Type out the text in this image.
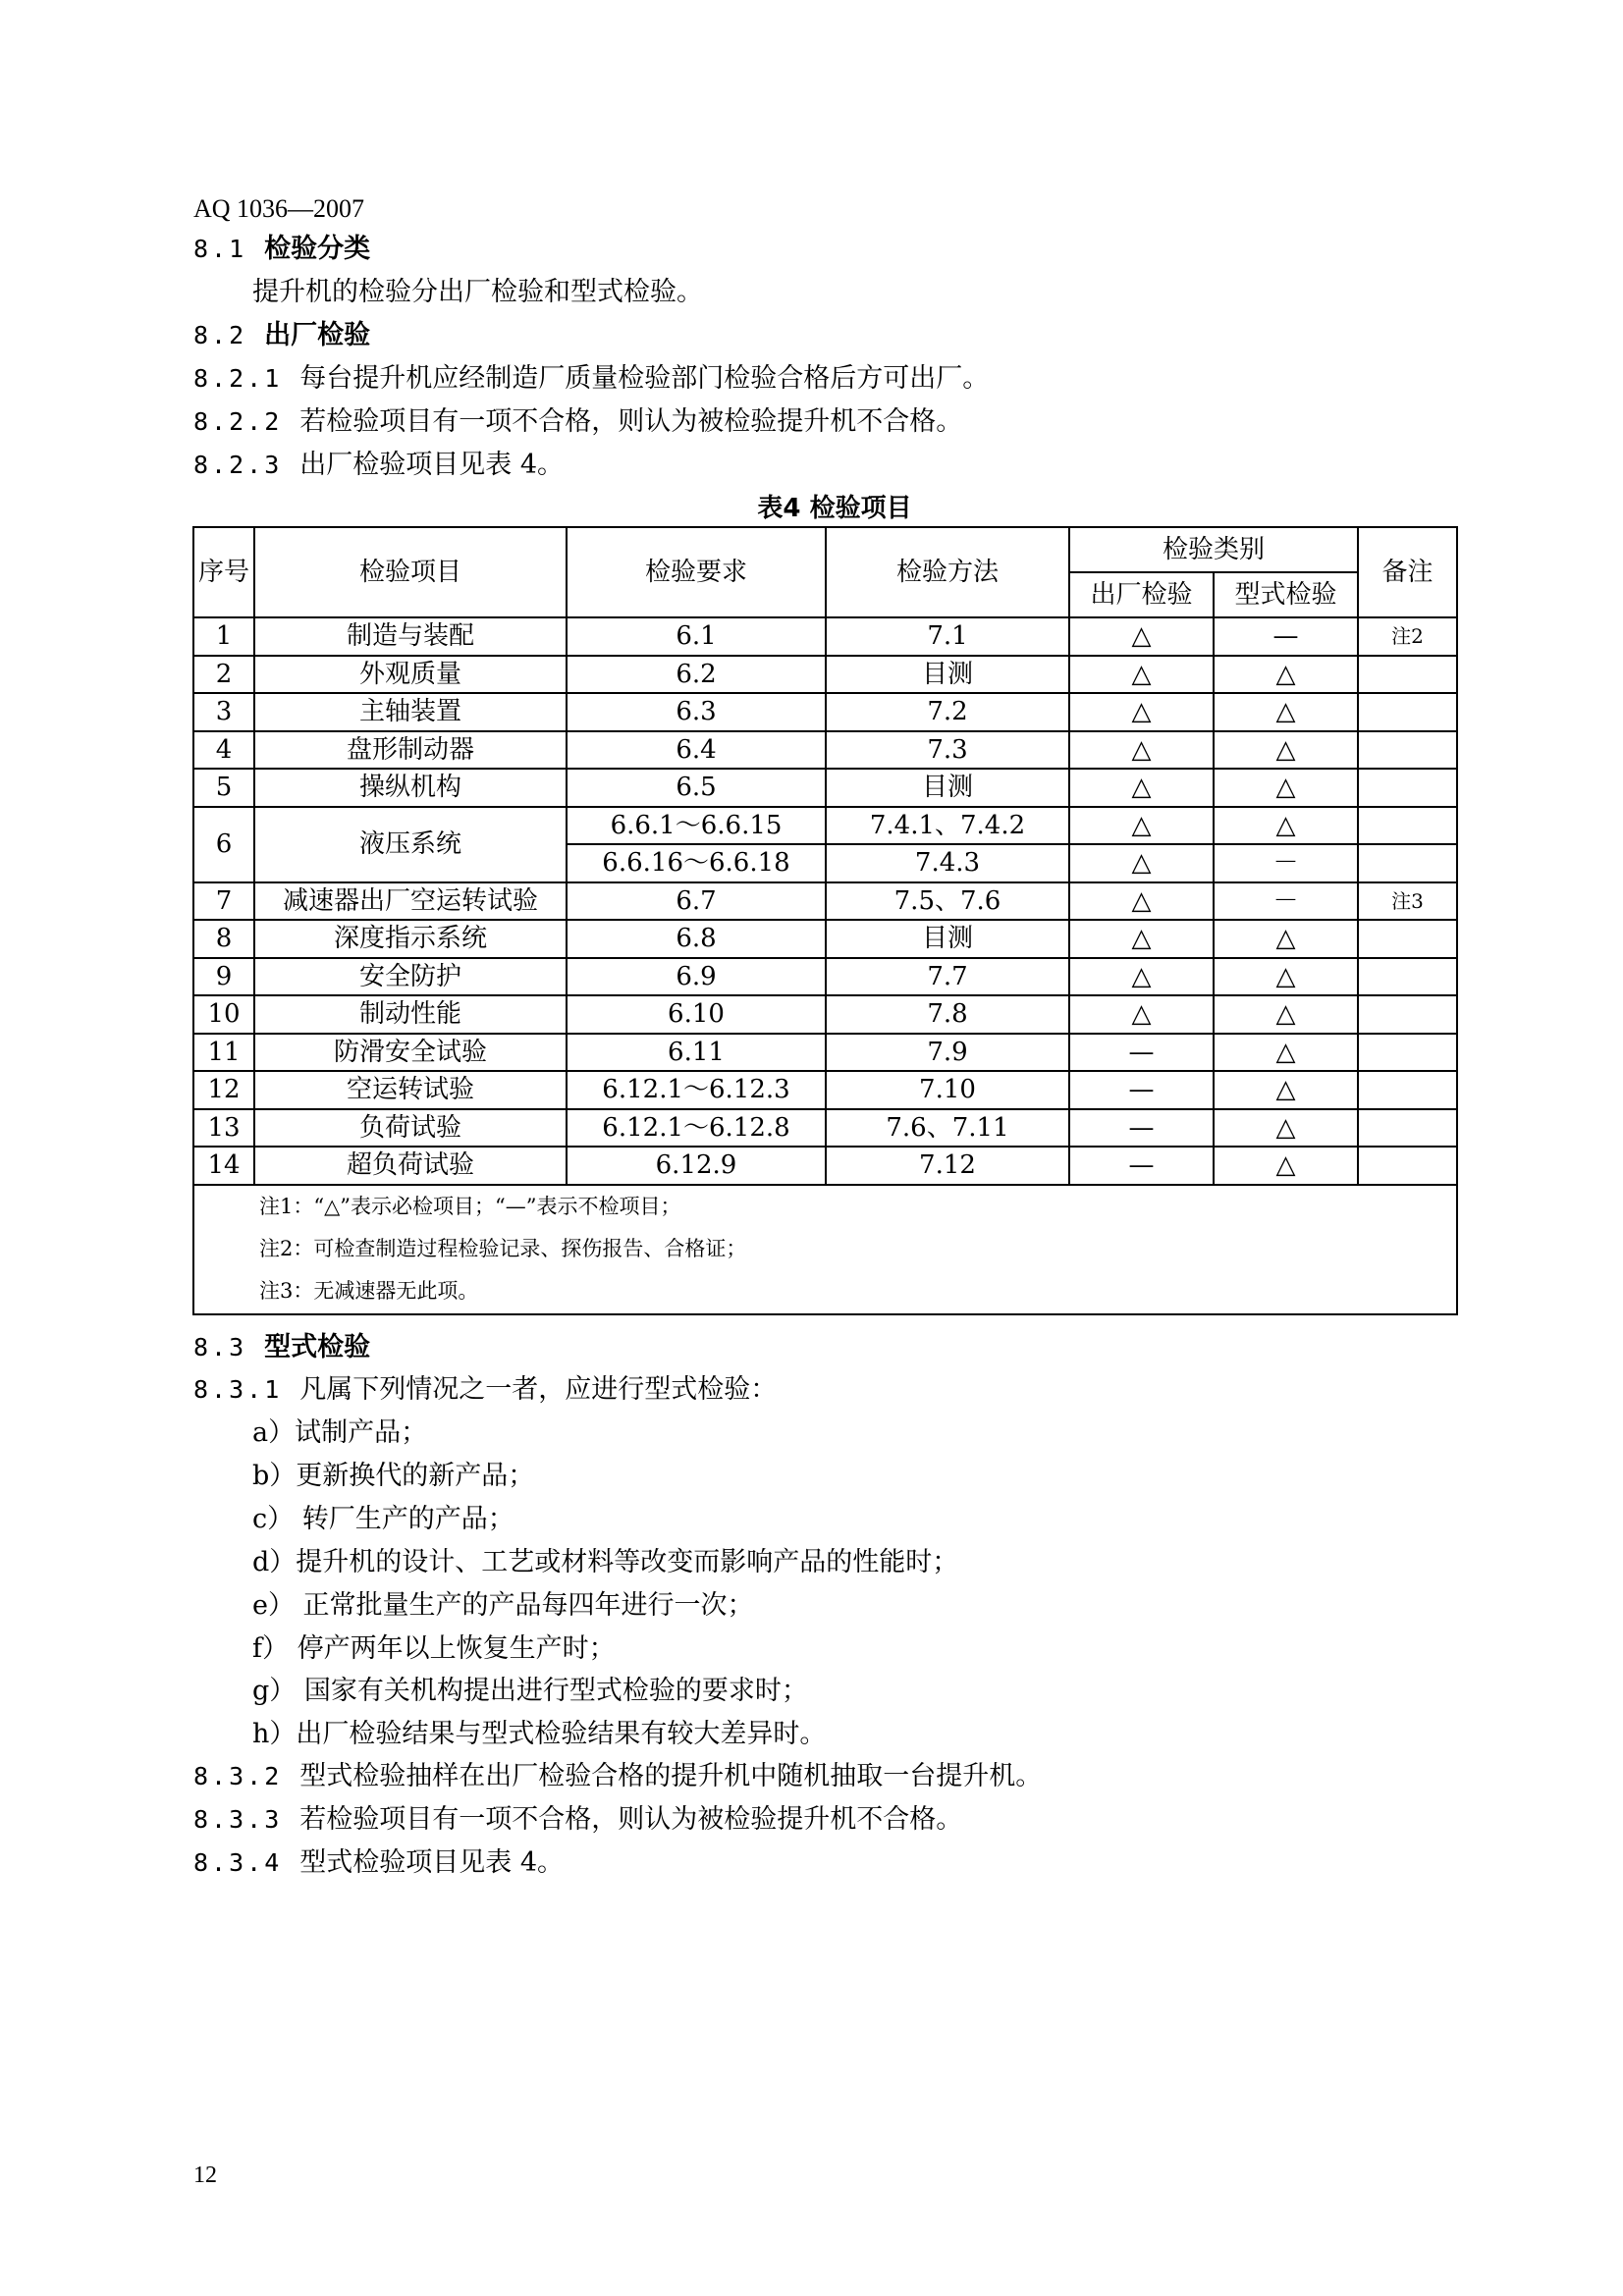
AQ 1036—2007
8.1 检验分类
提升机的检验分出厂检验和型式检验。
8.2 出厂检验
8.2.1 每台提升机应经制造厂质量检验部门检验合格后方可出厂。
8.2.2 若检验项目有一项不合格，则认为被检验提升机不合格。
8.2.3 出厂检验项目见表 4。
表4 检验项目
序号	检验项目	检验要求	检验方法	检验类别		备注
				出厂检验	型式检验	
1	制造与装配	6.1	7.1	△	—	注2
2	外观质量	6.2	目测	△	△	
3	主轴装置	6.3	7.2	△	△	
4	盘形制动器	6.4	7.3	△	△	
5	操纵机构	6.5	目测	△	△	
6	液压系统	6.6.1～6.6.15	7.4.1、7.4.2	△	△	
		6.6.16～6.6.18	7.4.3	△	－	
7	减速器出厂空运转试验	6.7	7.5、7.6	△	－	注3
8	深度指示系统	6.8	目测	△	△	
9	安全防护	6.9	7.7	△	△	
10	制动性能	6.10	7.8	△	△	
11	防滑安全试验	6.11	7.9	—	△	
12	空运转试验	6.12.1～6.12.3	7.10	—	△	
13	负荷试验	6.12.1～6.12.8	7.6、7.11	—	△	
14	超负荷试验	6.12.9	7.12	—	△	

注1：“△”表示必检项目；“—”表示不检项目；
注2：可检查制造过程检验记录、探伤报告、合格证；
注3：无减速器无此项。						
8.3 型式检验
8.3.1 凡属下列情况之一者，应进行型式检验：
a）试制产品；
b）更新换代的新产品；
c） 转厂生产的产品；
d）提升机的设计、工艺或材料等改变而影响产品的性能时；
e） 正常批量生产的产品每四年进行一次；
f） 停产两年以上恢复生产时；
g） 国家有关机构提出进行型式检验的要求时；
h）出厂检验结果与型式检验结果有较大差异时。
8.3.2 型式检验抽样在出厂检验合格的提升机中随机抽取一台提升机。
8.3.3 若检验项目有一项不合格，则认为被检验提升机不合格。
8.3.4 型式检验项目见表 4。
12
